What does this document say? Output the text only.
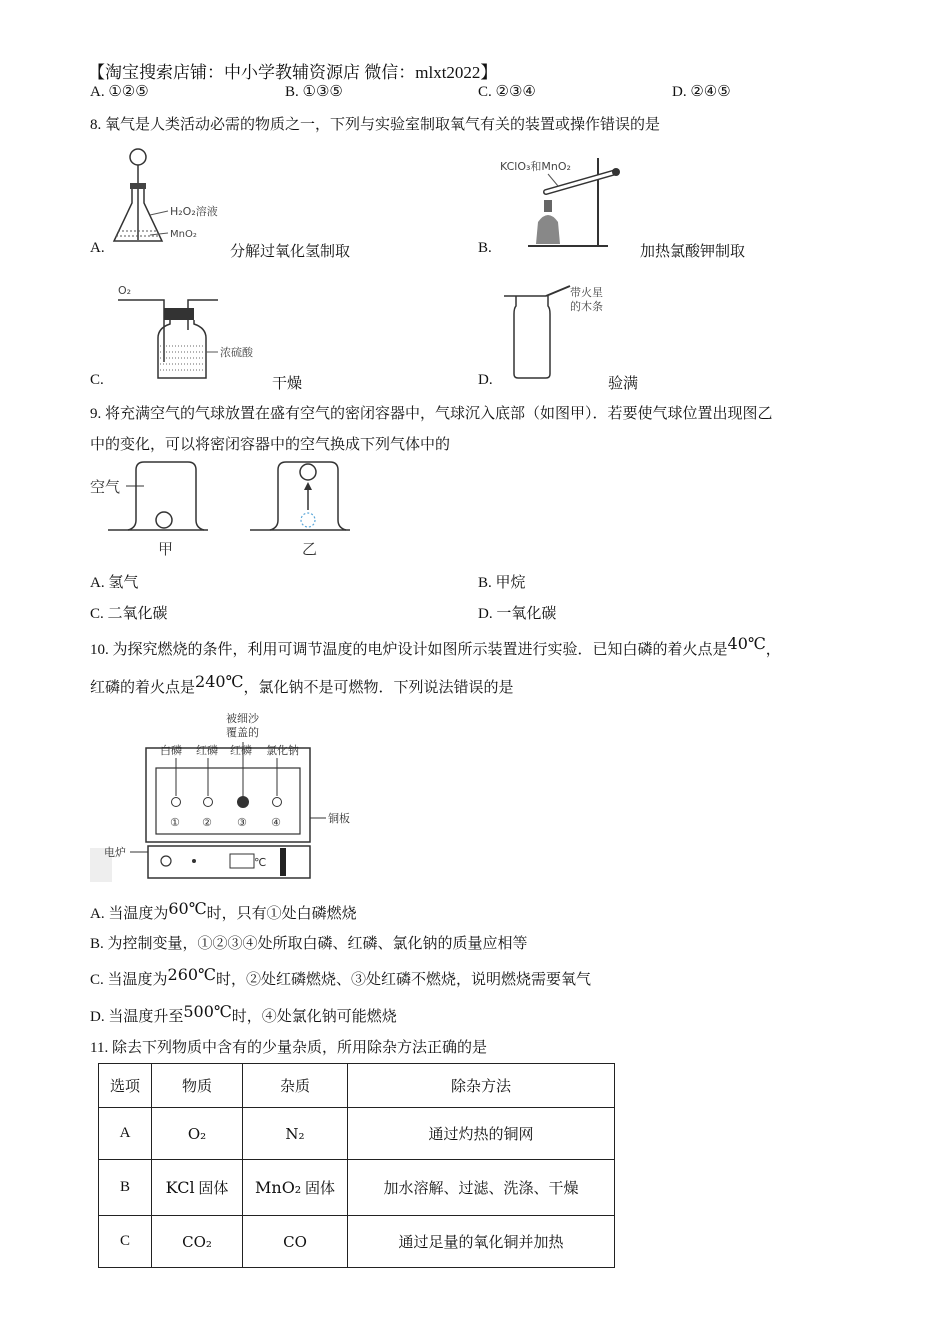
【淘宝搜索店铺：中小学教辅资源店 微信：mlxt2022】
A. ①②⑤	B. ①③⑤	C. ②③④	D. ②④⑤
8. 氧气是人类活动必需的物质之一，下列与实验室制取氧气有关的装置或操作错误的是
H₂O₂溶液
MnO₂
A.	分解过氧化氢制取
KClO₃和MnO₂
B.	加热氯酸钾制取
O₂
浓硫酸
C.	干燥
带火星
的木条
D.	验满
9. 将充满空气的气球放置在盛有空气的密闭容器中，气球沉入底部（如图甲）．若要使气球位置出现图乙
中的变化，可以将密闭容器中的空气换成下列气体中的
空气
甲	乙
A. 氢气	B. 甲烷
C. 二氧化碳	D. 一氧化碳
10. 为探究燃烧的条件，利用可调节温度的电炉设计如图所示装置进行实验．已知白磷的着火点是40℃，
红磷的着火点是240℃，氯化钠不是可燃物．下列说法错误的是
被细沙
覆盖的
白磷 红磷 红磷 氯化钠
① ② ③ ④	铜板
电炉
℃
A. 当温度为60℃时，只有①处白磷燃烧
B. 为控制变量，①②③④处所取白磷、红磷、氯化钠的质量应相等
C. 当温度为260℃时，②处红磷燃烧、③处红磷不燃烧，说明燃烧需要氧气
D. 当温度升至500℃时，④处氯化钠可能燃烧
11. 除去下列物质中含有的少量杂质，所用除杂方法正确的是
选项	物质	杂质	除杂方法
A	O₂	N₂	通过灼热的铜网
B	KCl 固体	MnO₂ 固体	加水溶解、过滤、洗涤、干燥
C	CO₂	CO	通过足量的氧化铜并加热
